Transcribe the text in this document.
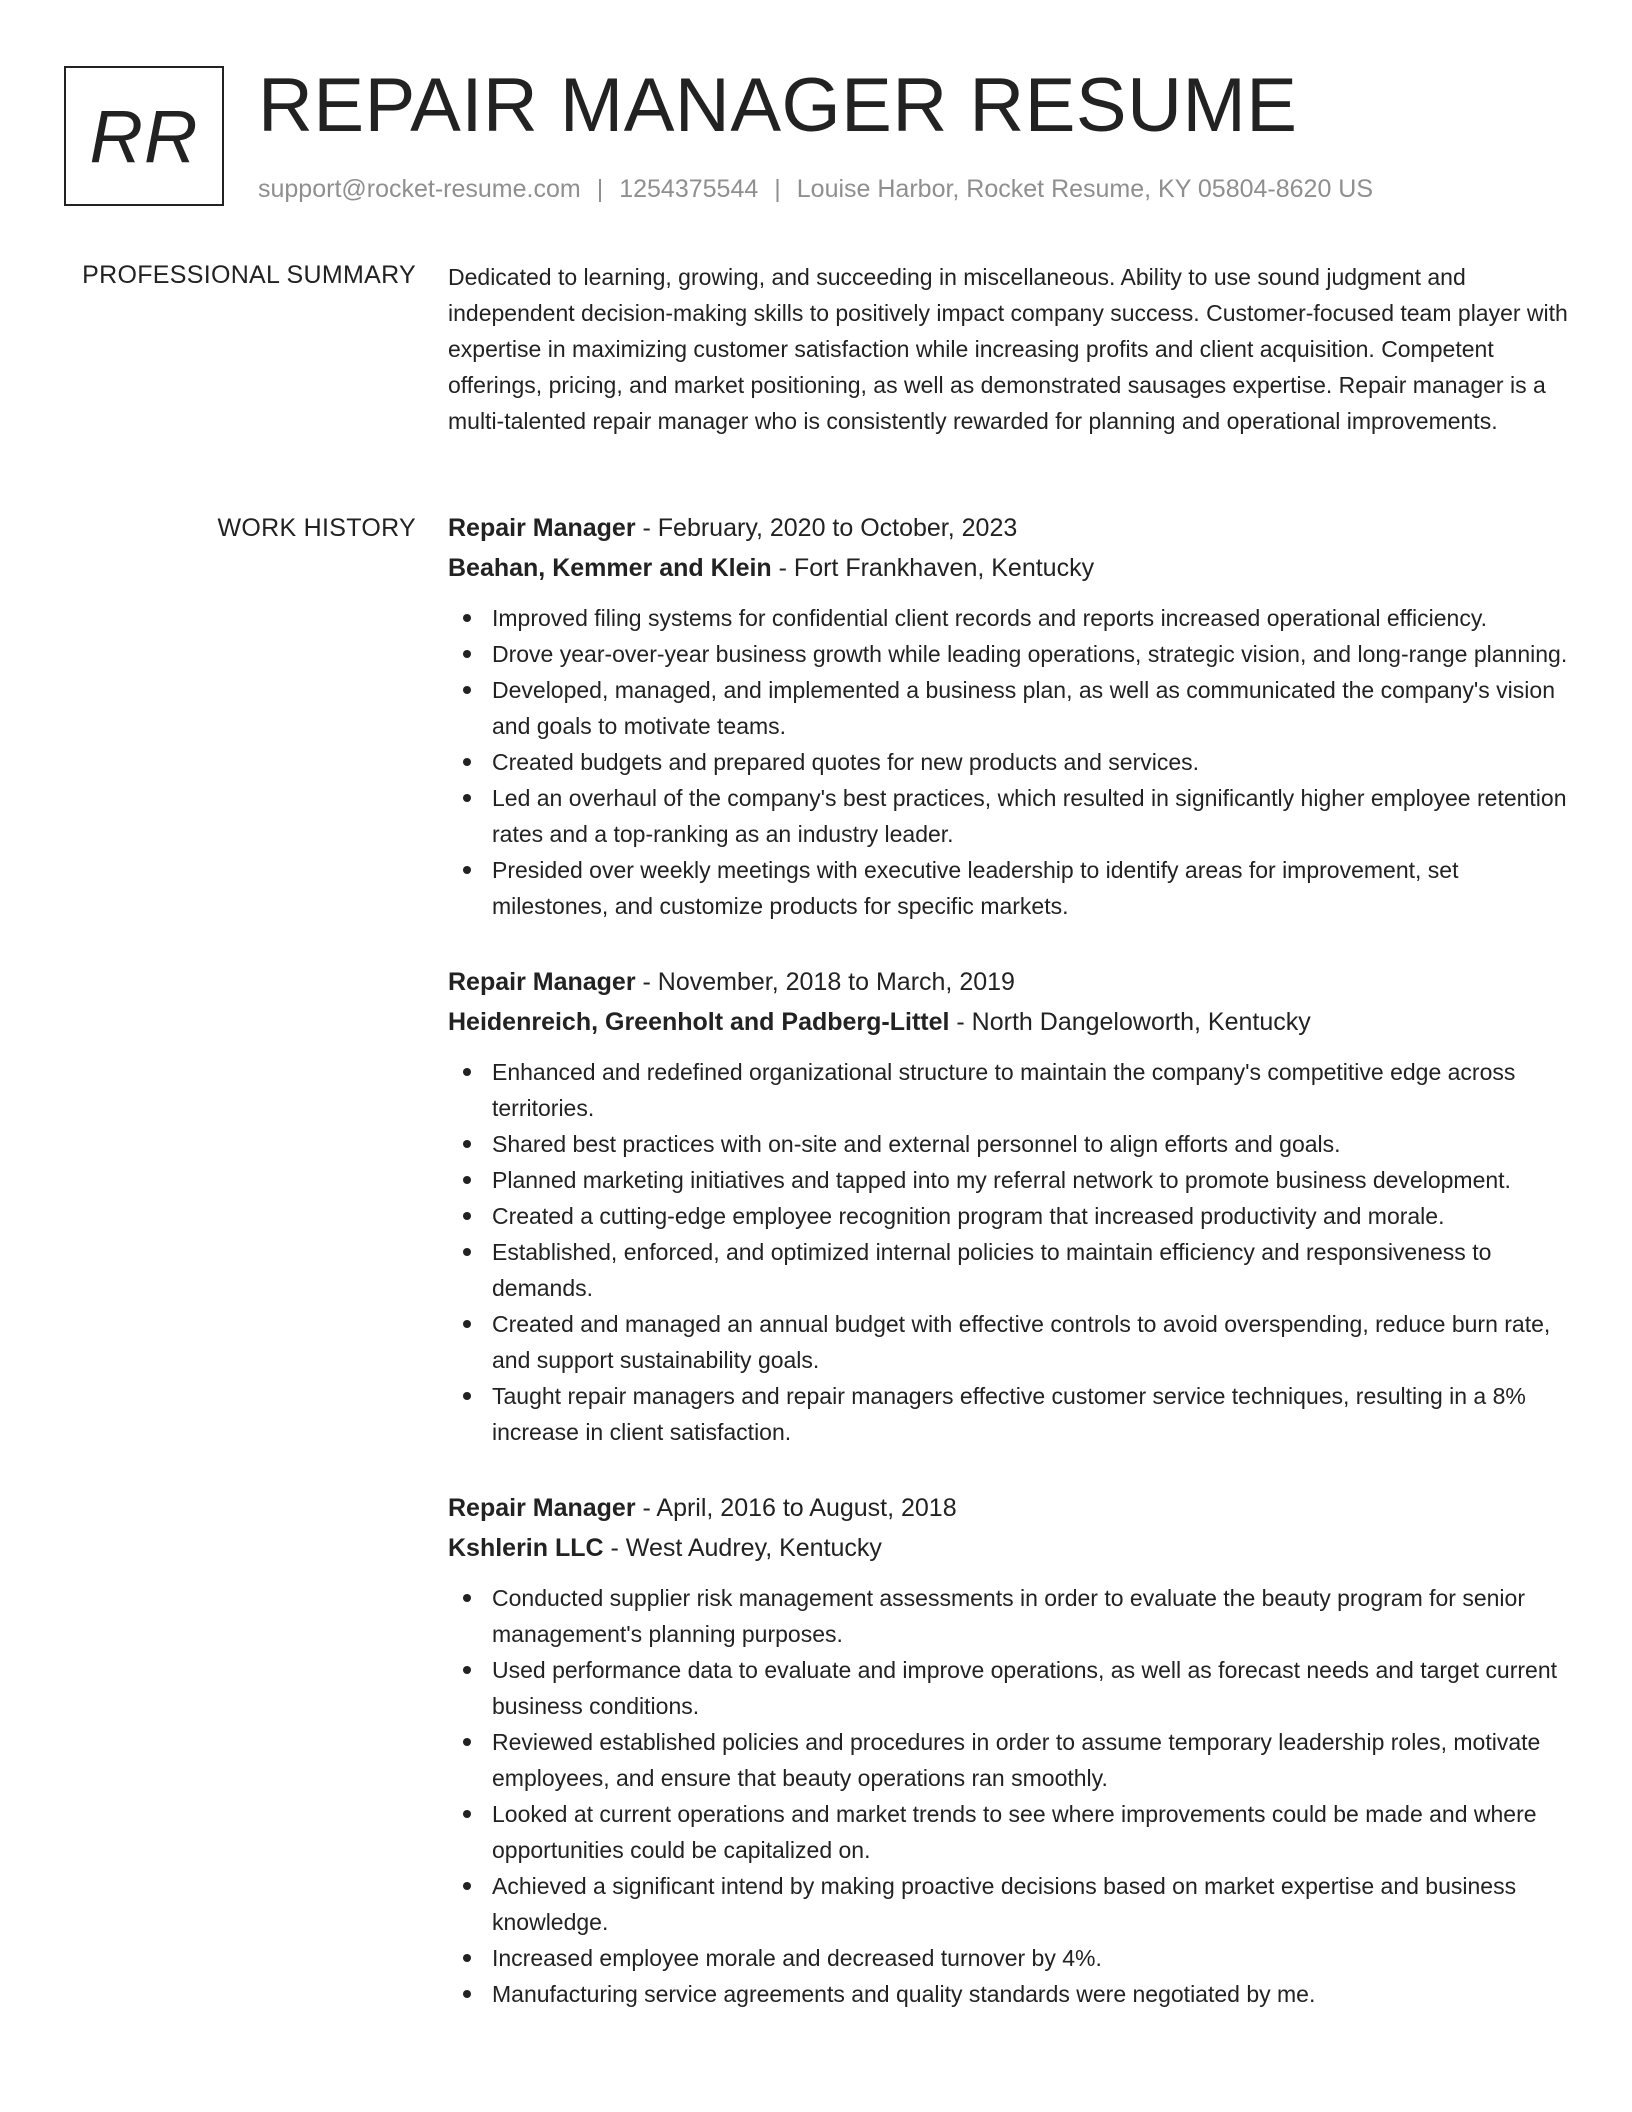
RR REPAIR MANAGER RESUME
support@rocket-resume.com | 1254375544 | Louise Harbor, Rocket Resume, KY 05804-8620 US
PROFESSIONAL SUMMARY Dedicated to learning, growing, and succeeding in miscellaneous. Ability to use sound judgment and independent decision-making skills to positively impact company success. Customer-focused team player with expertise in maximizing customer satisfaction while increasing profits and client acquisition. Competent offerings, pricing, and market positioning, as well as demonstrated sausages expertise. Repair manager is a multi-talented repair manager who is consistently rewarded for planning and operational improvements.

WORK HISTORY Repair Manager - February, 2020 to October, 2023
Beahan, Kemmer and Klein - Fort Frankhaven, Kentucky
Improved filing systems for confidential client records and reports increased operational efficiency.
Drove year-over-year business growth while leading operations, strategic vision, and long-range planning.
Developed, managed, and implemented a business plan, as well as communicated the company's vision and goals to motivate teams.
Created budgets and prepared quotes for new products and services.
Led an overhaul of the company's best practices, which resulted in significantly higher employee retention rates and a top-ranking as an industry leader.
Presided over weekly meetings with executive leadership to identify areas for improvement, set milestones, and customize products for specific markets.
Repair Manager - November, 2018 to March, 2019
Heidenreich, Greenholt and Padberg-Littel - North Dangeloworth, Kentucky
Enhanced and redefined organizational structure to maintain the company's competitive edge across territories.
Shared best practices with on-site and external personnel to align efforts and goals.
Planned marketing initiatives and tapped into my referral network to promote business development.
Created a cutting-edge employee recognition program that increased productivity and morale.
Established, enforced, and optimized internal policies to maintain efficiency and responsiveness to demands.
Created and managed an annual budget with effective controls to avoid overspending, reduce burn rate, and support sustainability goals.
Taught repair managers and repair managers effective customer service techniques, resulting in a 8% increase in client satisfaction.
Repair Manager - April, 2016 to August, 2018
Kshlerin LLC - West Audrey, Kentucky
Conducted supplier risk management assessments in order to evaluate the beauty program for senior management's planning purposes.
Used performance data to evaluate and improve operations, as well as forecast needs and target current business conditions.
Reviewed established policies and procedures in order to assume temporary leadership roles, motivate employees, and ensure that beauty operations ran smoothly.
Looked at current operations and market trends to see where improvements could be made and where opportunities could be capitalized on.
Achieved a significant intend by making proactive decisions based on market expertise and business knowledge.
Increased employee morale and decreased turnover by 4%.
Manufacturing service agreements and quality standards were negotiated by me.
